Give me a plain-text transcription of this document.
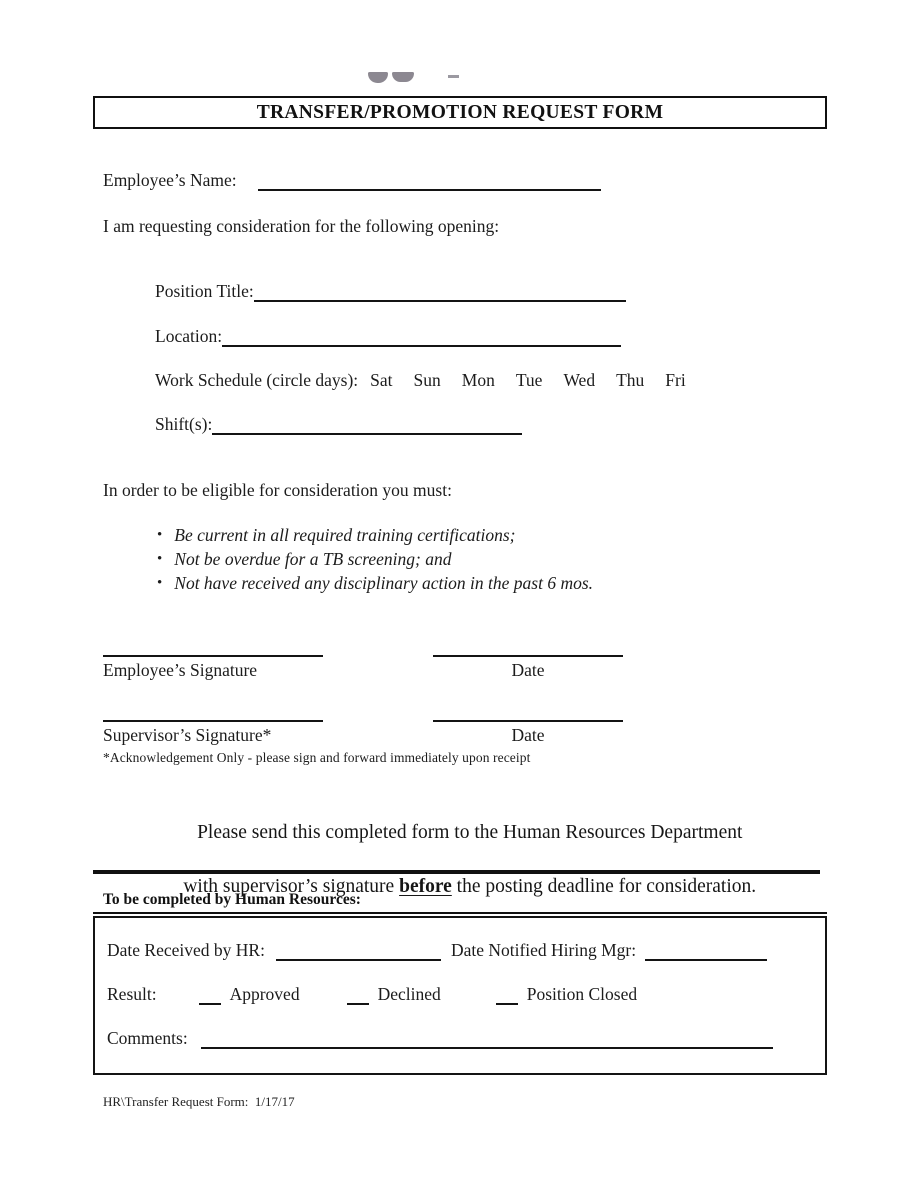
TRANSFER/PROMOTION REQUEST FORM
Employee’s Name:
I am requesting consideration for the following opening:
Position Title:
Location:
Work Schedule (circle days): Sat Sun Mon Tue Wed Thu Fri
Shift(s):
In order to be eligible for consideration you must:
• Be current in all required training certifications;
• Not be overdue for a TB screening; and
• Not have received any disciplinary action in the past 6 mos.
Employee’s Signature	Date
Supervisor’s Signature*	Date
*Acknowledgement Only - please sign and forward immediately upon receipt

Please send this completed form to the Human Resources Department

with supervisor’s signature before the posting deadline for consideration.

To be completed by Human Resources:
Date Received by HR:	Date Notified Hiring Mgr:
Result:	Approved	Declined	Position Closed
Comments:
HR\Transfer Request Form:  1/17/17
